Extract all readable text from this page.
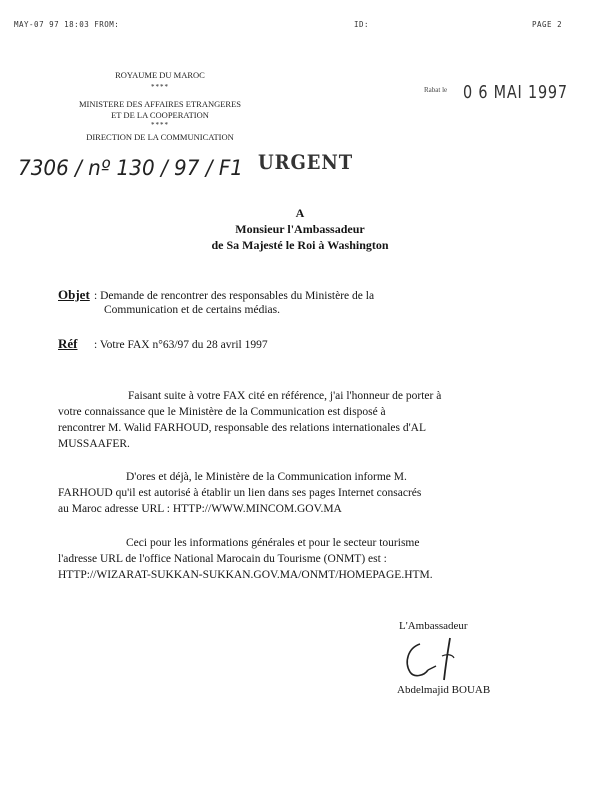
MAY-07 97 18:03 FROM:	ID:	PAGE 2
ROYAUME DU MAROC
****
MINISTERE DES AFFAIRES ETRANGERES
ET DE LA COOPERATION
****
DIRECTION DE LA COMMUNICATION
Rabat le 0 6 MAI 1997
7306 / nº 130 / 97 / F1 URGENT
A
Monsieur l'Ambassadeur
de Sa Majesté le Roi à Washington
Objet : Demande de rencontrer des responsables du Ministère de la
Communication et de certains médias.
Réf : Votre FAX n°63/97 du 28 avril 1997
Faisant suite à votre FAX cité en référence, j'ai l'honneur de porter à
votre connaissance que le Ministère de la Communication est disposé à
rencontrer M. Walid FARHOUD, responsable des relations internationales d'AL
MUSSAAFER.
D'ores et déjà, le Ministère de la Communication informe M.
FARHOUD qu'il est autorisé à établir un lien dans ses pages Internet consacrés
au Maroc adresse URL : HTTP://WWW.MINCOM.GOV.MA
Ceci pour les informations générales et pour le secteur tourisme
l'adresse URL de l'office National Marocain du Tourisme (ONMT) est :
HTTP://WIZARAT-SUKKAN-SUKKAN.GOV.MA/ONMT/HOMEPAGE.HTM.
L'Ambassadeur
Abdelmajid BOUAB
